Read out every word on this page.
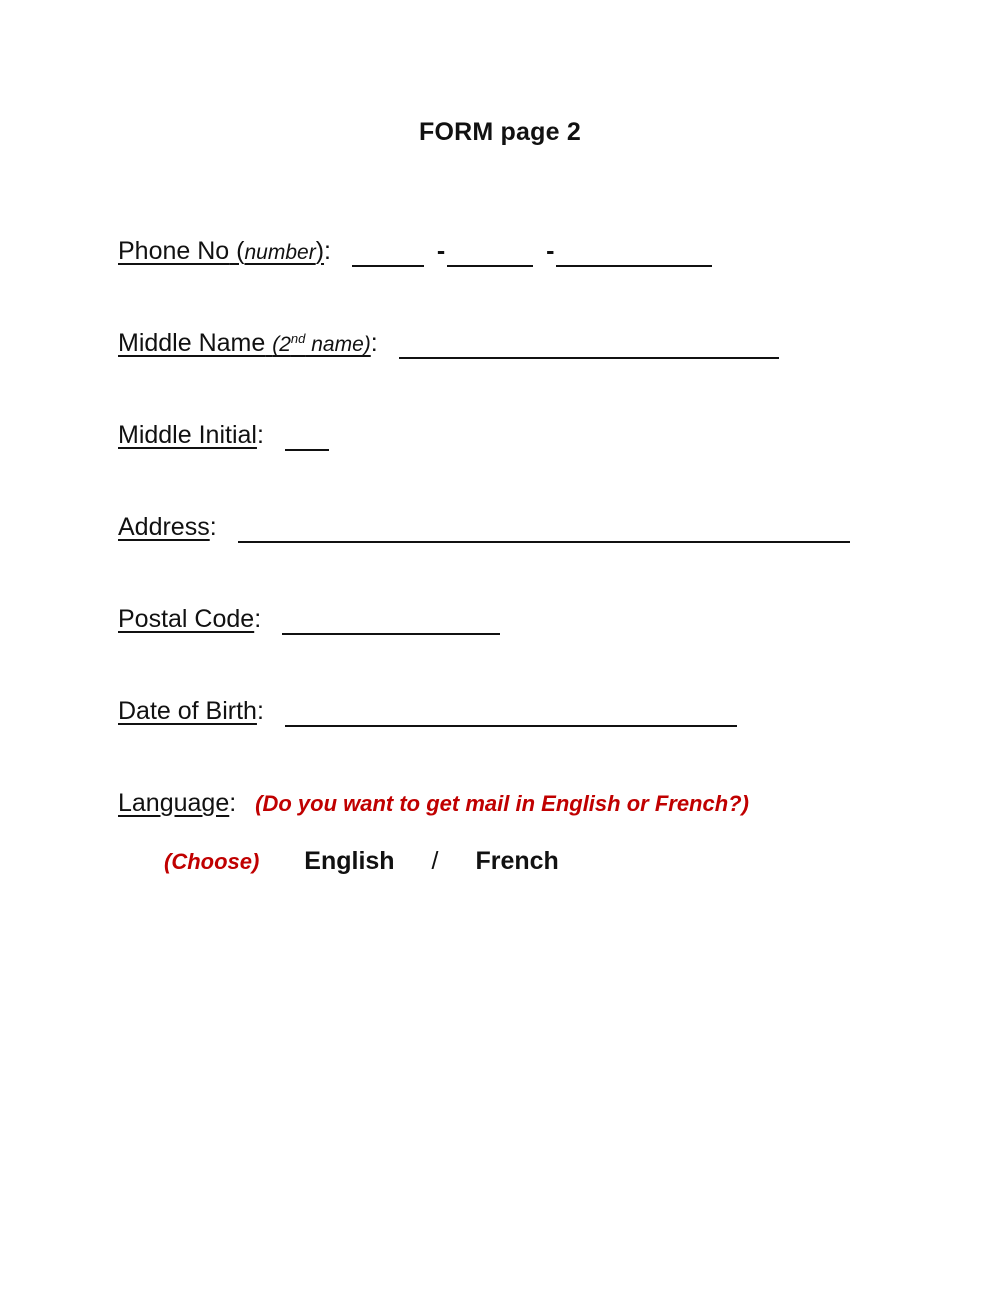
FORM page 2
Phone No (number):	-	-
Middle Name (2nd name):
Middle Initial:
Address:
Postal Code:
Date of Birth:
Language: (Do you want to get mail in English or French?)
(Choose) English / French
